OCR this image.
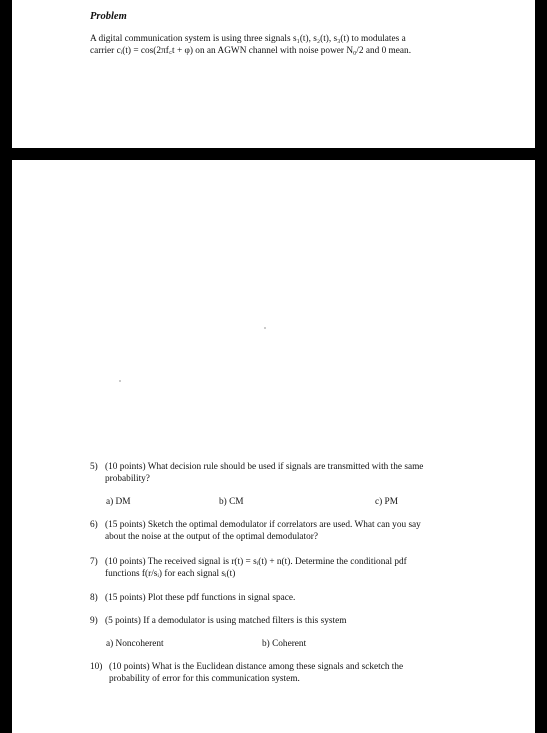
Problem
A digital communication system is using three signals s₁(t), s₂(t), s₃(t) to modulates a
carrier cᵢ(t) = cos(2πf꜀t + φ) on an AGWN channel with noise power N₀/2 and 0 mean.
5) (10 points) What decision rule should be used if signals are transmitted with the same
probability?
a) DM	b) CM	c) PM
6) (15 points) Sketch the optimal demodulator if correlators are used. What can you say
about the noise at the output of the optimal demodulator?
7) (10 points) The received signal is r(t) = sᵢ(t) + n(t). Determine the conditional pdf
functions f(r/sᵢ) for each signal sᵢ(t)
8) (15 points) Plot these pdf functions in signal space.
9) (5 points) If a demodulator is using matched filters is this system
a) Noncoherent	b) Coherent
10) (10 points) What is the Euclidean distance among these signals and scketch the
probability of error for this communication system.
